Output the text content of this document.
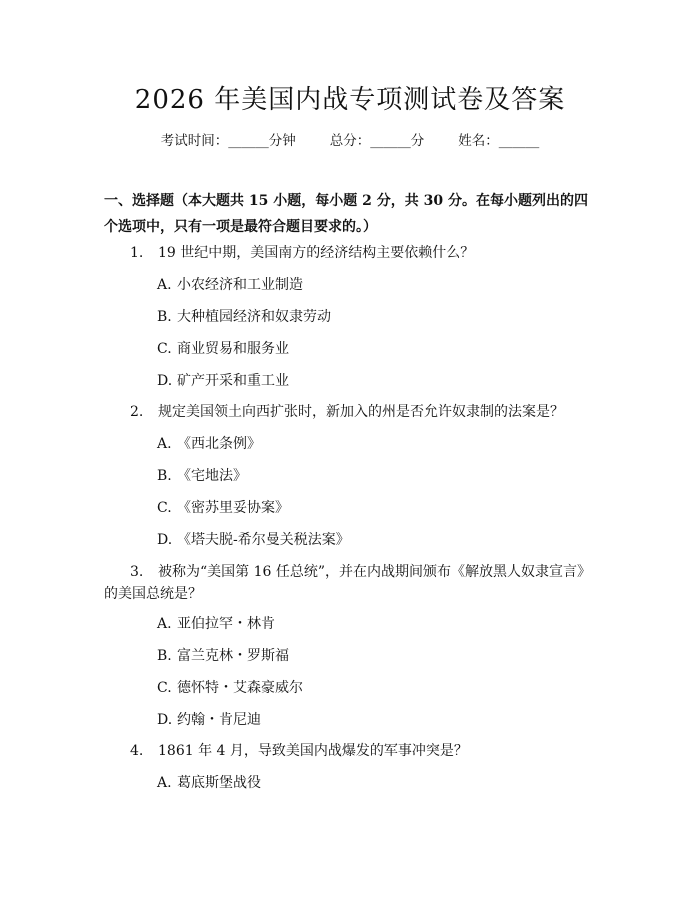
2026 年美国内战专项测试卷及答案
考试时间：______分钟	总分：______分	姓名：______
一、选择题（本大题共 15 小题，每小题 2 分，共 30 分。在每小题列出的四个选项中，只有一项是最符合题目要求的。）
1. 19 世纪中期，美国南方的经济结构主要依赖什么？
A. 小农经济和工业制造
B. 大种植园经济和奴隶劳动
C. 商业贸易和服务业
D. 矿产开采和重工业
2. 规定美国领土向西扩张时，新加入的州是否允许奴隶制的法案是？
A. 《西北条例》
B. 《宅地法》
C. 《密苏里妥协案》
D. 《塔夫脱-希尔曼关税法案》
3. 被称为“美国第 16 任总统”，并在内战期间颁布《解放黑人奴隶宣言》
的美国总统是？
A. 亚伯拉罕・林肯
B. 富兰克林・罗斯福
C. 德怀特・艾森豪威尔
D. 约翰・肯尼迪
4. 1861 年 4 月，导致美国内战爆发的军事冲突是？
A. 葛底斯堡战役
